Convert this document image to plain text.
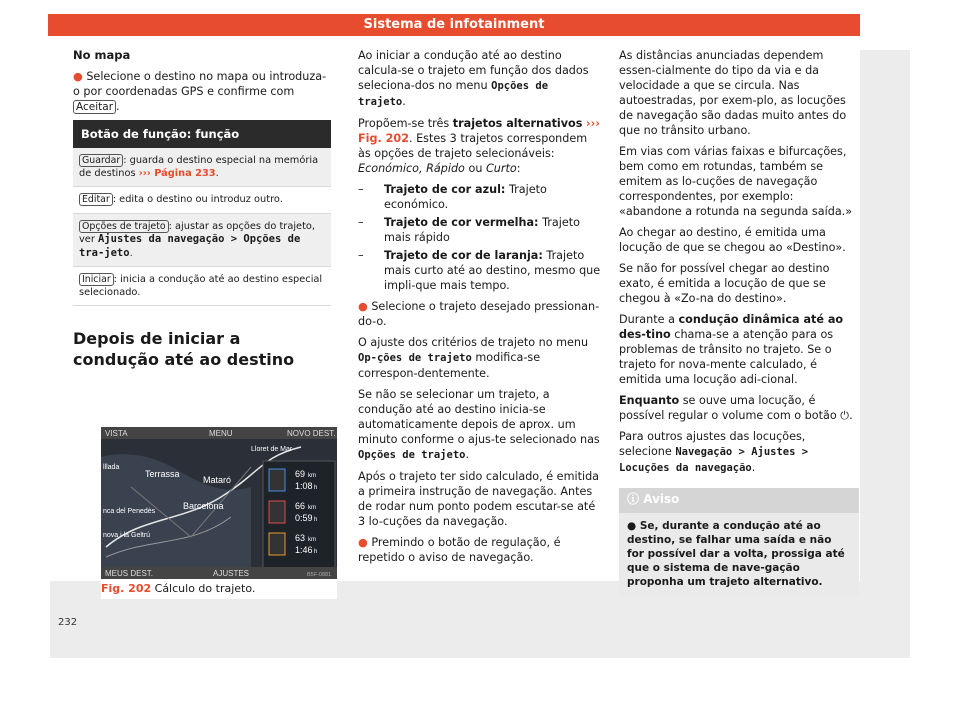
Sistema de infotainment

No mapa

● Selecione o destino no mapa ou introduza-o por coordenadas GPS e confirme com Aceitar .

Botão de função: função
Guardar : guarda o destino especial na memória de destinos ››› Página 233.
Editar : edita o destino ou introduz outro.
Opções de trajeto : ajustar as opções do trajeto, ver Ajustes da navegação > Opções de tra-jeto.
Iniciar : inicia a condução até ao destino especial selecionado.
Depois de iniciar a condução até ao destino
VISTA	MENU	NOVO DEST.
Barcelona
Terrassa
Mataró
Lloret de Mar
lllada
nca del Penedès
nova i la Geltrú
69 km
1:08 h
66 km
0:59 h
63 km
1:46 h
MEUS DEST.	AJUSTES	B5F-0881
Fig. 202 Cálculo do trajeto.

Ao iniciar a condução até ao destino calcula-se o trajeto em função dos dados seleciona-dos no menu Opções de trajeto.

Propõem-se três trajetos alternativos ››› Fig. 202. Estes 3 trajetos correspondem às opções de trajeto selecionáveis: Económico, Rápido ou Curto:

–	Trajeto de cor azul: Trajeto económico.
–	Trajeto de cor vermelha: Trajeto mais rápido
–	Trajeto de cor de laranja: Trajeto mais curto até ao destino, mesmo que impli-que mais tempo.

● Selecione o trajeto desejado pressionan-do-o.

O ajuste dos critérios de trajeto no menu Op-ções de trajeto modifica-se correspon-dentemente.

Se não se selecionar um trajeto, a condução até ao destino inicia-se automaticamente depois de aprox. um minuto conforme o ajus-te selecionado nas Opções de trajeto.

Após o trajeto ter sido calculado, é emitida a primeira instrução de navegação. Antes de rodar num ponto podem escutar-se até 3 lo-cuções da navegação.

● Premindo o botão de regulação, é repetido o aviso de navegação.

As distâncias anunciadas dependem essen-cialmente do tipo da via e da velocidade a que se circula. Nas autoestradas, por exem-plo, as locuções de navegação são dadas muito antes do que no trânsito urbano.

Em vias com várias faixas e bifurcações, bem como em rotundas, também se emitem as lo-cuções de navegação correspondentes, por exemplo: «abandone a rotunda na segunda saída.»

Ao chegar ao destino, é emitida uma locução de que se chegou ao «Destino».

Se não for possível chegar ao destino exato, é emitida a locução de que se chegou à «Zo-na do destino».

Durante a condução dinâmica até ao des-tino chama-se a atenção para os problemas de trânsito no trajeto. Se o trajeto for nova-mente calculado, é emitida uma locução adi-cional.

Enquanto se ouve uma locução, é possível regular o volume com o botão ⏻.

Para outros ajustes das locuções, selecione Navegação > Ajustes > Locuções da navegação.

ⓘ Aviso
● Se, durante a condução até ao destino, se falhar uma saída e não for possível dar a volta, prossiga até que o sistema de nave-gação proponha um trajeto alternativo.
232
